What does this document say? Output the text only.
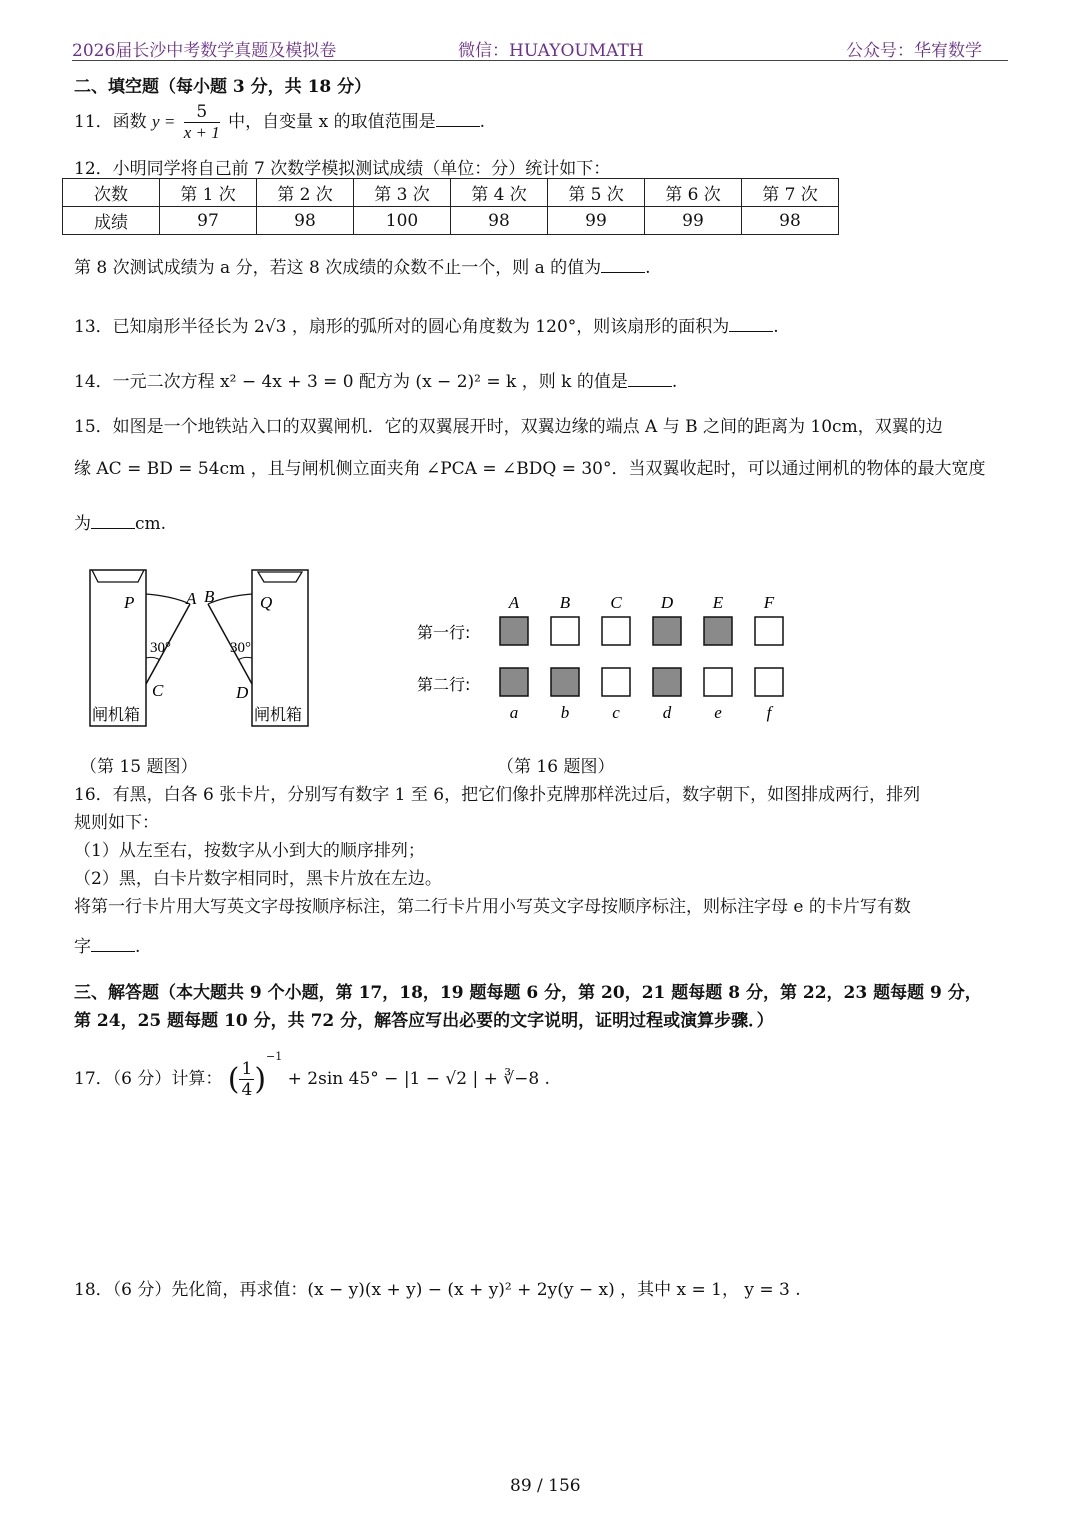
2026届长沙中考数学真题及模拟卷	微信：HUAYOUMATH	公众号：华宥数学
二、填空题（每小题 3 分，共 18 分）
11．函数 $y = \frac{5}{x + 1}$ 中，自变量 x 的取值范围是	.
12．小明同学将自己前 7 次数学模拟测试成绩（单位：分）统计如下：
次数	第 1 次	第 2 次	第 3 次	第 4 次	第 5 次	第 6 次	第 7 次
成绩	97	98	100	98	99	99	98
第 8 次测试成绩为 a 分，若这 8 次成绩的众数不止一个，则 a 的值为	.
13．已知扇形半径长为 2√3 ，扇形的弧所对的圆心角度数为 120°，则该扇形的面积为	.
14．一元二次方程 x² − 4x + 3 = 0 配方为 (x − 2)² = k ，则 k 的值是	.
15．如图是一个地铁站入口的双翼闸机．它的双翼展开时，双翼边缘的端点 A 与 B 之间的距离为 10cm，双翼的边
缘 AC = BD = 54cm ，且与闸机侧立面夹角 ∠PCA = ∠BDQ = 30°．当双翼收起时，可以通过闸机的物体的最大宽度
为	cm.
P	A B	Q
30°	30°
C	D
闸机箱	闸机箱
（第 15 题图）
第一行:
第二行:
A B C D E F
a	b	c	d	e	f
（第 16 题图）
16．有黑，白各 6 张卡片，分别写有数字 1 至 6，把它们像扑克牌那样洗过后，数字朝下，如图排成两行，排列
规则如下：
（1）从左至右，按数字从小到大的顺序排列；
（2）黑，白卡片数字相同时，黑卡片放在左边。
将第一行卡片用大写英文字母按顺序标注，第二行卡片用小写英文字母按顺序标注，则标注字母 e 的卡片写有数
字	.
三、解答题（本大题共 9 个小题，第 17，18，19 题每题 6 分，第 20，21 题每题 8 分，第 22，23 题每题 9 分，
第 24，25 题每题 10 分，共 72 分，解答应写出必要的文字说明，证明过程或演算步骤．）
17．（6 分）计算： ( $\frac{1}{4} )^{-1} + 2\sin$ 45° − |1 − √2 | + ∛−8 .
18．（6 分）先化简，再求值：(x − y)(x + y) − (x + y)² + 2y(y − x) ，其中 x = 1， y = 3 .
89 / 156
